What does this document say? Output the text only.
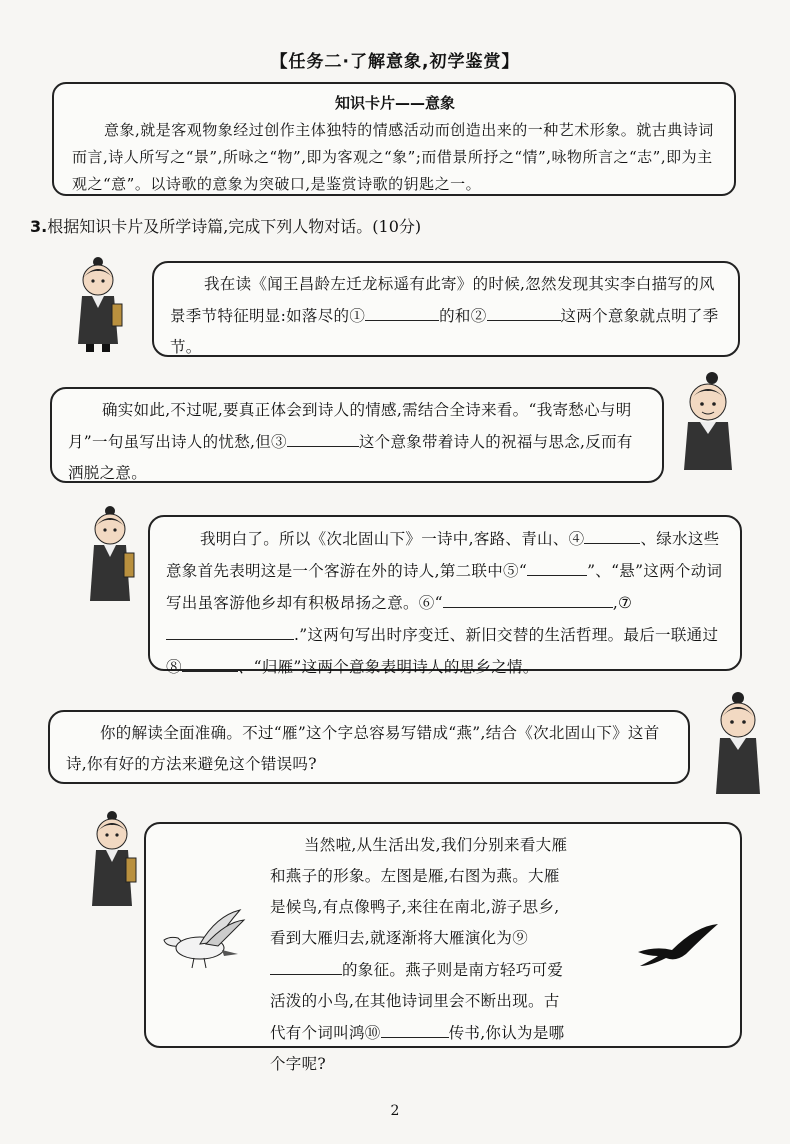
【任务二·了解意象,初学鉴赏】
知识卡片——意象
意象,就是客观物象经过创作主体独特的情感活动而创造出来的一种艺术形象。就古典诗词而言,诗人所写之“景”,所咏之“物”,即为客观之“象”;而借景所抒之“情”,咏物所言之“志”,即为主观之“意”。以诗歌的意象为突破口,是鉴赏诗歌的钥匙之一。
3.根据知识卡片及所学诗篇,完成下列人物对话。(10分)

我在读《闻王昌龄左迁龙标遥有此寄》的时候,忽然发现其实李白描写的风景季节特征明显:如落尽的①	的和②	这两个意象就点明了季节。

确实如此,不过呢,要真正体会到诗人的情感,需结合全诗来看。“我寄愁心与明月”一句虽写出诗人的忧愁,但③	这个意象带着诗人的祝福与思念,反而有洒脱之意。

我明白了。所以《次北固山下》一诗中,客路、青山、④	、绿水这些意象首先表明这是一个客游在外的诗人,第二联中⑤“	”、“悬”这两个动词写出虽客游他乡却有积极昂扬之意。⑥“	,⑦.”这两句写出时序变迁、新旧交替的生活哲理。最后一联通过⑧	、“归雁”这两个意象表明诗人的思乡之情。

你的解读全面准确。不过“雁”这个字总容易写错成“燕”,结合《次北固山下》这首诗,你有好的方法来避免这个错误吗?

当然啦,从生活出发,我们分别来看大雁和燕子的形象。左图是雁,右图为燕。大雁是候鸟,有点像鸭子,来往在南北,游子思乡,看到大雁归去,就逐渐将大雁演化为⑨的象征。燕子则是南方轻巧可爱活泼的小鸟,在其他诗词里会不断出现。古代有个词叫鸿⑩	传书,你认为是哪个字呢?

2
